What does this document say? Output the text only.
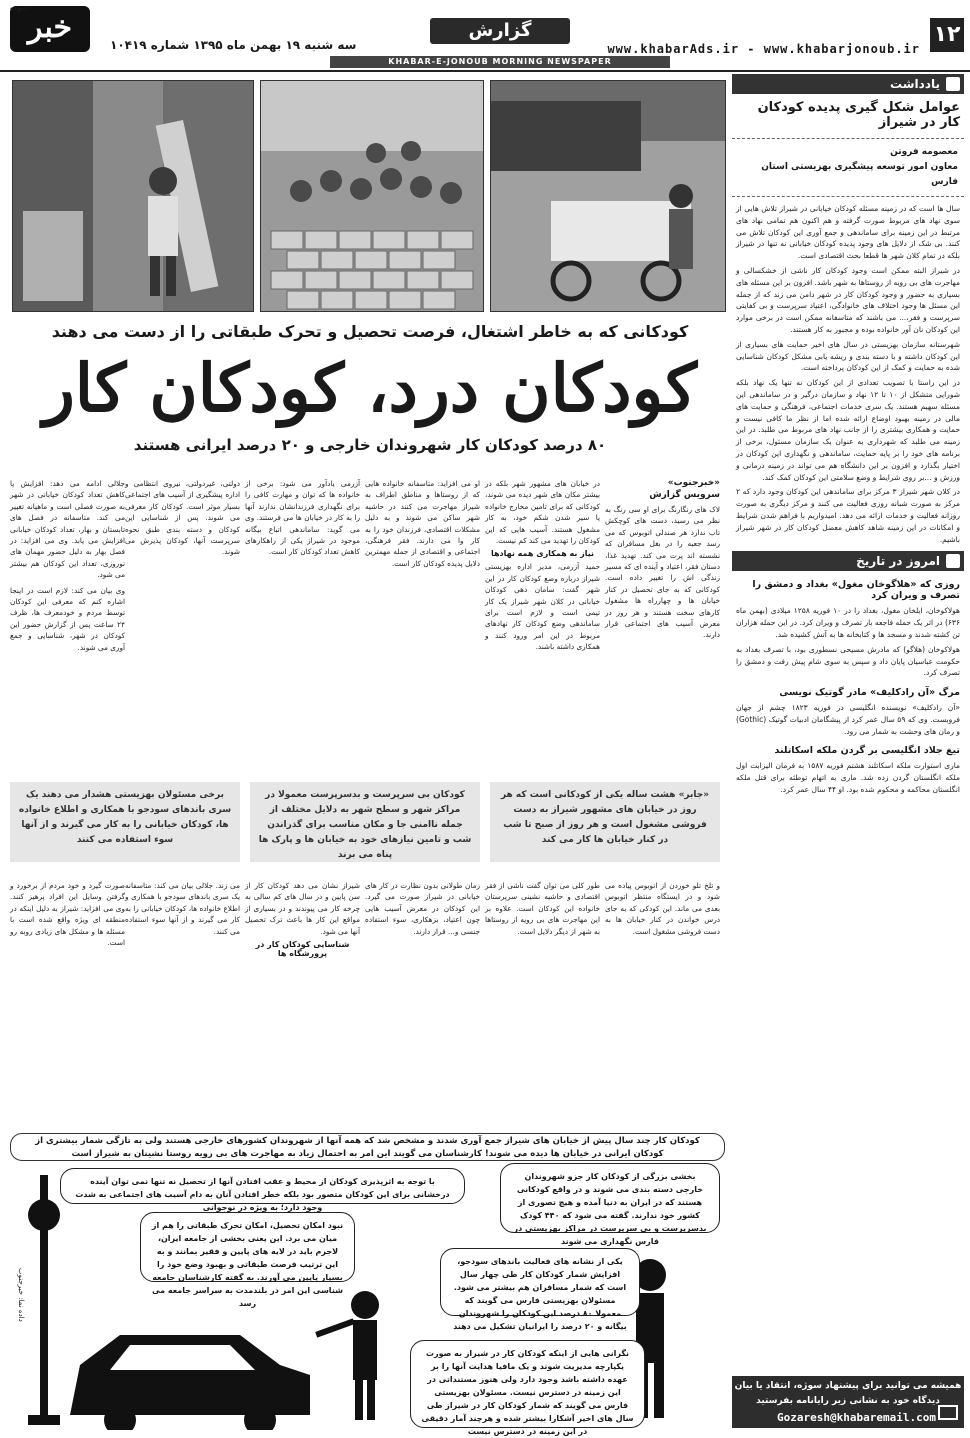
۱۲
www.khabarAds.ir - www.khabarjonoub.ir
گزارش
خبر
جنوب
سه شنبه ۱۹ بهمن ماه ۱۳۹۵ شماره ۱۰۴۱۹
KHABAR-E-JONOUB MORNING NEWSPAPER
یادداشت
عوامل شکل گیری پدیده کودکان کار در شیراز
معصومه فروتن
معاون امور توسعه پیشگیری بهزیستی استان فارس

سال ها است که در زمینه مسئله کودکان خیابانی در شیراز تلاش هایی از سوی نهاد های مربوط صورت گرفته و هم اکنون هم تمامی نهاد های مرتبط در این زمینه برای ساماندهی و جمع آوری این کودکان تلاش می کنند. بی شک از دلایل های وجود پدیده کودکان خیابانی نه تنها در شیراز بلکه در تمام کلان شهر ها قطعا بحث اقتصادی است.

در شیراز البته ممکن است وجود کودکان کار ناشی از خشکسالی و مهاجرت های بی رویه از روستاها به شهر باشد. افزون بر این مسئله های بسیاری به حضور و وجود کودکان کار در شهر دامن می زند که از جمله این مسئل ها وجود اختلاف های خانوادگی، اعتیاد سرپرست و بی کفایتی سرپرست و فقر،... می باشند که متاسفانه ممکن است در برخی موارد این کودکان نان آور خانواده بوده و مجبور به کار هستند.

شهرستانه سازمان بهزیستی در سال های اخیر حمایت های بسیاری از این کودکان داشته و با دسته بندی و ریشه یابی مشکل کودکان شناسایی شده به حمایت و کمک از این کودکان پرداخته است.

در این راستا با تصویب تعدادی از این کودکان نه تنها یک نهاد بلکه شورایی متشکل از ۱۰ تا ۱۲ نهاد و سازمان درگیر و در ساماندهی این مسئله سهیم هستند. یک سری خدمات اجتماعی، فرهنگی و حمایت های مالی در زمینه بهبود اوضاع ارائه شده اما از نظر ما کافی نیست و حمایت و همکاری بیشتری را از جانب نهاد های مربوط می طلبد. در این زمینه می طلبد که شهرداری به عنوان یک سازمان مسئول، برخی از برنامه های خود را بر پایه حمایت، ساماندهی و نگهداری این کودکان در اختیار بگذارد و افزون بر این دانشگاه هم می تواند در زمینه درمانی و ورزش و ...بر روی شرایط و وضع سلامتی این کودکان کمک کند.

در کلان شهر شیراز ۳ مرکز برای ساماندهی این کودکان وجود دارد که ۲ مرکز به صورت شبانه روزی فعالیت می کنند و مرکز دیگری به صورت روزانه فعالیت و خدمات ارائه می دهد. امیدواریم با فراهم شدن شرایط و امکانات در این زمینه شاهد کاهش معضل کودکان کار در شهر شیراز باشیم.

امروز در تاریخ
روزی که «هلاگوخان مغول» بغداد و دمشق را تصرف و ویران کرد

هولاکوخان، ایلخان مغول، بغداد را در ۱۰ فوریه ۱۲۵۸ میلادی (بهمن ماه ۶۳۶) در اثر یک حمله فاجعه بار تصرف و ویران کرد. در این حمله هزاران تن کشته شدند و مسجد ها و کتابخانه ها به آتش کشیده شد.

هولاکوخان (هلاگو) که مادرش مسیحی نسطوری بود، با تصرف بغداد به حکومت عباسیان پایان داد و سپس به سوی شام پیش رفت و دمشق را تصرف کرد.

مرگ «آن رادکلیف» مادر گوتیک نویسی

«آن رادکلیف» نویسنده انگلیسی در فوریه ۱۸۲۳ چشم از جهان فروبست. وی که ۵۹ سال عمر کرد از پیشگامان ادبیات گوتیک (Gothic) و رمان های وحشت به شمار می رود.

تیغ جلاد انگلیسی بر گردن ملکه اسکاتلند

ماری استوارت ملکه اسکاتلند هشتم فوریه ۱۵۸۷ به فرمان الیزابت اول ملکه انگلستان گردن زده شد. ماری به اتهام توطئه برای قتل ملکه انگلستان محاکمه و محکوم شده بود. او ۴۴ سال عمر کرد.

همیشه می توانید برای پیشنهاد سوژه، انتقاد یا بیان
دیدگاه خود به نشانی زیر رایانامه بفرستید
Gozaresh@khabaremail.com
کودکانی که به خاطر اشتغال، فرصت تحصیل و تحرک طبقاتی را از دست می دهند
کودکان درد، کودکان کار
۸۰ درصد کودکان کار شهروندان خارجی و ۲۰ درصد ایرانی هستند
«خبرجنوب»
سرویس گزارش

لاک های رنگارنگ برای او سی رنگ به نظر می رسید، دست های کوچکش تاب ندارد هر صندلی اتوبوس که می رسد جعبه را در بغل مسافران که نشسته اند پرت می کند. تهدید غذا، دستان فقر، اعتیاد و آینده ای که مسیر زندگی اش را تغییر داده است. کودکانی که به جای تحصیل در کنار خیابان ها و چهارراه ها مشغول کارهای سخت هستند و هر روز در معرض آسیب های اجتماعی قرار دارند.

در خیابان های مشهور شهر بلکه در بیشتر مکان های شهر دیده می شوند، کودکانی که برای تامین مخارج خانواده یا سیر شدن شکم خود، به کار مشغول هستند. آسیب هایی که این کودکان را تهدید می کند کم نیست.

نیاز به همکاری همه نهادها

حمید آزرمی، مدیر اداره بهزیستی شیراز درباره وضع کودکان کار در این شهر گفت: سامان دهی کودکان خیابانی در کلان شهر شیراز یک کار تیمی است و لازم است برای ساماندهی وضع کودکان کار نهادهای مربوط در این امر ورود کنند و همکاری داشته باشند.

او می افزاید: متاسفانه خانواده هایی که از روستاها و مناطق اطراف به شیراز مهاجرت می کنند در حاشیه شهر ساکن می شوند و به دلیل مشکلات اقتصادی، فرزندان خود را به کار وا می دارند. فقر فرهنگی، اجتماعی و اقتصادی از جمله مهمترین دلایل پدیده کودکان کار است.

آزرمی یادآور می شود: برخی از خانواده ها که توان و مهارت کافی را برای نگهداری فرزندانشان ندارند آنها را به کار در خیابان ها می فرستند. وی می گوید: ساماندهی اتباع بیگانه موجود در شیراز یکی از راهکارهای کاهش تعداد کودکان کار است.

دولتی، غیردولتی، نیروی انتظامی و اداره پیشگیری از آسیب های اجتماعی بسیار موثر است. کودکان کار معرفی می شوند. پس از شناسایی این کودکان و دسته بندی طبق نحوه سرپرست آنها، کودکان پذیرش می شوند.

جلالی ادامه می دهد: افزایش یا کاهش تعداد کودکان خیابانی در شهر به صورت فصلی است و ماهیانه تغییر می کند. متاسفانه در فصل های تابستان و بهار، تعداد کودکان خیابانی افزایش می یابد. وی می افزاید: در فصل بهار به دلیل حضور مهمان های نوروزی، تعداد این کودکان هم بیشتر می شود.

وی بیان می کند: لازم است در اینجا اشاره کنم که معرفی این کودکان توسط مردم و خودمعرف ها، ظرف ۲۴ ساعت پس از گزارش حضور این کودکان در شهر، شناسایی و جمع آوری می شوند.

برخی مسئولان بهزیستی هشدار می دهند یک سری باندهای سودجو با همکاری و اطلاع خانواده ها، کودکان خیابانی را به کار می گیرند و از آنها سوء استفاده می کنند
کودکان بی سرپرست و بدسرپرست معمولا در مراکز شهر و سطح شهر به دلایل مختلف از جمله ناامنی جا و مکان مناسب برای گذراندن شب و تامین نیازهای خود به خیابان ها و پارک ها پناه می برند
«جابر» هشت ساله یکی از کودکانی است که هر روز در خیابان های مشهور شیراز به دست فروشی مشغول است و هر روز از صبح تا شب در کنار خیابان ها کار می کند

و تلخ تلو خوردن از اتوبوس پیاده می شود و در ایستگاه منتظر اتوبوس بعدی می ماند. این کودکی که به جای درس خواندن در کنار خیابان ها به دست فروشی مشغول است.

طور کلی می توان گفت ناشی از فقر اقتصادی و حاشیه نشینی سرپرستان خانواده این کودکان است. علاوه بر این مهاجرت های بی رویه از روستاها به شهر از دیگر دلایل است.

زمان طولانی بدون نظارت در کار های خیابانی در شیراز صورت می گیرد. این کودکان در معرض آسیب هایی چون اعتیاد، بزهکاری، سوء استفاده جنسی و... قرار دارند.

شیراز نشان می دهد کودکان کار از سن پایین و در سال های کم سالی به چرخه کار می پیوندند و در بسیاری از مواقع این کار ها باعث ترک تحصیل آنها می شود.

شناسایی کودکان کار در پرورشگاه ها

می زند. جلالی بیان می کند: متاسفانه یک سری باندهای سودجو با همکاری و اطلاع خانواده ها، کودکان خیابانی را به کار می گیرند و از آنها سوء استفاده می کنند.

صورت گیرد و خود مردم از برخورد و گرفتن وسایل این افراد پرهیز کنند. وی می افزاید: شیراز به دلیل اینکه در منطقه ای ویژه واقع شده است با مسئله ها و مشکل های زیادی روبه رو است.

کودکان کار چند سال پیش از خیابان های شیراز جمع آوری شدند و مشخص شد که همه آنها از شهروندان کشورهای خارجی هستند ولی به تازگی شمار بیشتری از کودکان ایرانی در خیابان ها دیده می شوند! کارشناسان می گویند این امر به احتمال زیاد به مهاجرت های بی رویه روستا نشینان به شیراز است
با توجه به اثرپذیری کودکان از محیط و عقب افتادن آنها از تحصیل نه تنها نمی توان آینده درخشانی برای این کودکان متصور بود بلکه خطر افتادن آنان به دام آسیب های اجتماعی به شدت وجود دارد؛ به ویژه در نوجوانی
بخشی بزرگی از کودکان کار جزو شهروندان خارجی دسته بندی می شوند و در واقع کودکانی هستند که در ایران به دنیا آمده و هیچ تصوری از کشور خود ندارند. گفته می شود که ۴۴۰ کودک بدسرپرست و بی سرپرست در مراکز بهزیستی در فارس نگهداری می شوند
نبود امکان تحصیل، امکان تحرک طبقاتی را هم از میان می برد. این یعنی بخشی از جامعه ایران، لاجرم باید در لایه های پایین و فقیر بمانند و به این ترتیب فرصت طبقاتی و بهبود وضع خود را بسیار پایین می آورند. به گفته کارشناسان جامعه شناسی این امر در بلندمدت به سراسر جامعه می رسد
یکی از نشانه های فعالیت باندهای سودجو، افزایش شمار کودکان کار طی چهار سال است که شمار مسافران هم بیشتر می شود. مسئولان بهزیستی فارس می گویند که معمولا ۸۰ درصد این کودکان را شهروندان بیگانه و ۲۰ درصد را ایرانیان تشکیل می دهند
نگرانی هایی از اینکه کودکان کار در شیراز به صورت یکپارچه مدیریت شوند و یک مافیا هدایت آنها را بر عهده داشته باشد وجود دارد ولی هنوز مستنداتی در این زمینه در دسترس نیست. مسئولان بهزیستی فارس می گویند که شمار کودکان کار در شیراز طی سال های اخیر آشکارا بیشتر شده و هرچند آمار دقیقی در این زمینه در دسترس نیست
داده نما: خبرجنوب
